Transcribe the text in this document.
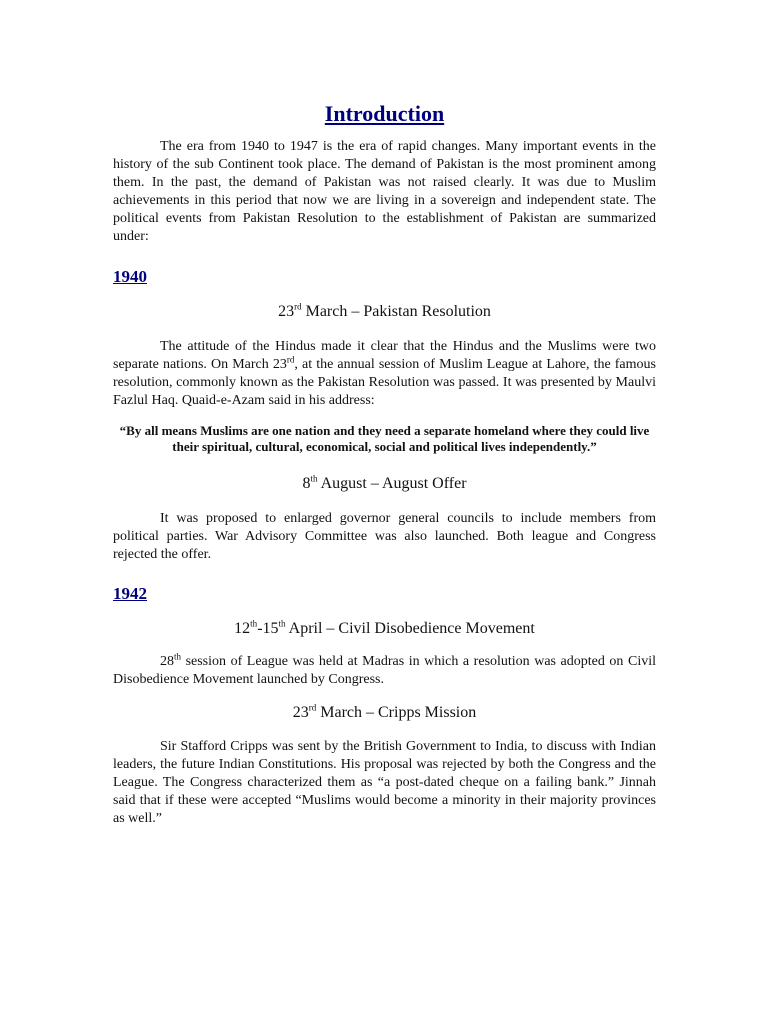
Introduction

The era from 1940 to 1947 is the era of rapid changes. Many important events in the history of the sub Continent took place. The demand of Pakistan is the most prominent among them. In the past, the demand of Pakistan was not raised clearly. It was due to Muslim achievements in this period that now we are living in a sovereign and independent state. The political events from Pakistan Resolution to the establishment of Pakistan are summarized under:

1940
23rd March – Pakistan Resolution

The attitude of the Hindus made it clear that the Hindus and the Muslims were two separate nations. On March 23rd, at the annual session of Muslim League at Lahore, the famous resolution, commonly known as the Pakistan Resolution was passed. It was presented by Maulvi Fazlul Haq. Quaid-e-Azam said in his address:

“By all means Muslims are one nation and they need a separate homeland where they could live their spiritual, cultural, economical, social and political lives independently.”

8th August – August Offer

It was proposed to enlarged governor general councils to include members from political parties. War Advisory Committee was also launched. Both league and Congress rejected the offer.

1942
12th-15th April – Civil Disobedience Movement

28th session of League was held at Madras in which a resolution was adopted on Civil Disobedience Movement launched by Congress.

23rd March – Cripps Mission

Sir Stafford Cripps was sent by the British Government to India, to discuss with Indian leaders, the future Indian Constitutions. His proposal was rejected by both the Congress and the League. The Congress characterized them as “a post-dated cheque on a failing bank.” Jinnah said that if these were accepted “Muslims would become a minority in their majority provinces as well.”
